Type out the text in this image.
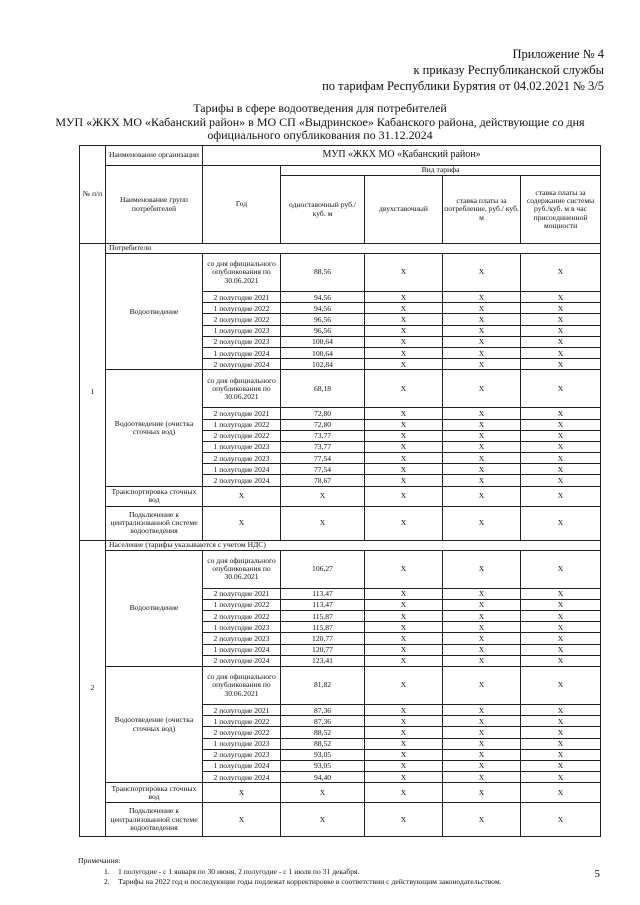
Приложение № 4
к приказу Республиканской службы
по тарифам Республики Бурятия от 04.02.2021 № 3/5
Тарифы в сфере водоотведения для потребителей
МУП «ЖКХ МО «Кабанский район» в МО СП «Выдринское» Кабанского района, действующие со дня
официального опубликования по 31.12.2024
№ п/п	Наименование организации	МУП «ЖКХ МО «Кабанский район»				
	Наименование групп потребителей	Год	Вид тарифа			
			одноставочный руб./ куб. м	двухставочный	ставка платы за потребление, руб./ куб. м	ставка платы за содержание системы руб./куб. м в час присоединенной мощности
1	Потребители					
	Водоотведение	со дня официального опубликования по 30.06.2021	88,56	Х	Х	Х
		2 полугодие 2021	94,56	Х	Х	Х
		1 полугодие 2022	94,56	Х	Х	Х
		2 полугодие 2022	96,56	Х	Х	Х
		1 полугодие 2023	96,56	Х	Х	Х
		2 полугодие 2023	100,64	Х	Х	Х
		1 полугодие 2024	100,64	Х	Х	Х
		2 полугодие 2024	102,84	Х	Х	Х
	Водоотведение (очистка сточных вод)	со дня официального опубликования по 30.06.2021	68,18	Х	Х	Х
		2 полугодие 2021	72,80	Х	Х	Х
		1 полугодие 2022	72,80	Х	Х	Х
		2 полугодие 2022	73,77	Х	Х	Х
		1 полугодие 2023	73,77	Х	Х	Х
		2 полугодие 2023	77,54	Х	Х	Х
		1 полугодие 2024	77,54	Х	Х	Х
		2 полугодие 2024	78,67	Х	Х	Х
	Транспортировка сточных вод	Х	Х	Х	Х	Х
	Подключение к централизованной системе водоотведения	Х	Х	Х	Х	Х
2	Население (тарифы указываются с учетом НДС)					
	Водоотведение	со дня официального опубликования по 30.06.2021	106,27	Х	Х	Х
		2 полугодие 2021	113,47	Х	Х	Х
		1 полугодие 2022	113,47	Х	Х	Х
		2 полугодие 2022	115,87	Х	Х	Х
		1 полугодие 2023	115,87	Х	Х	Х
		2 полугодие 2023	120,77	Х	Х	Х
		1 полугодие 2024	120,77	Х	Х	Х
		2 полугодие 2024	123,41	Х	Х	Х
	Водоотведение (очистка сточных вод)	со дня официального опубликования по 30.06.2021	81,82	Х	Х	Х
		2 полугодие 2021	87,36	Х	Х	Х
		1 полугодие 2022	87,36	Х	Х	Х
		2 полугодие 2022	88,52	Х	Х	Х
		1 полугодие 2023	88,52	Х	Х	Х
		2 полугодие 2023	93,05	Х	Х	Х
		1 полугодие 2024	93,05	Х	Х	Х
		2 полугодие 2024	94,40	Х	Х	Х
	Транспортировка сточных вод	Х	Х	Х	Х	Х
	Подключение к централизованной системе водоотведения	Х	Х	Х	Х	Х
Примечания:
1. 1 полугодие - с 1 января по 30 июня, 2 полугодие - с 1 июля по 31 декабря.
2. Тарифы на 2022 год и последующие годы подлежат корректировке в соответствии с действующим законодательством.
5
